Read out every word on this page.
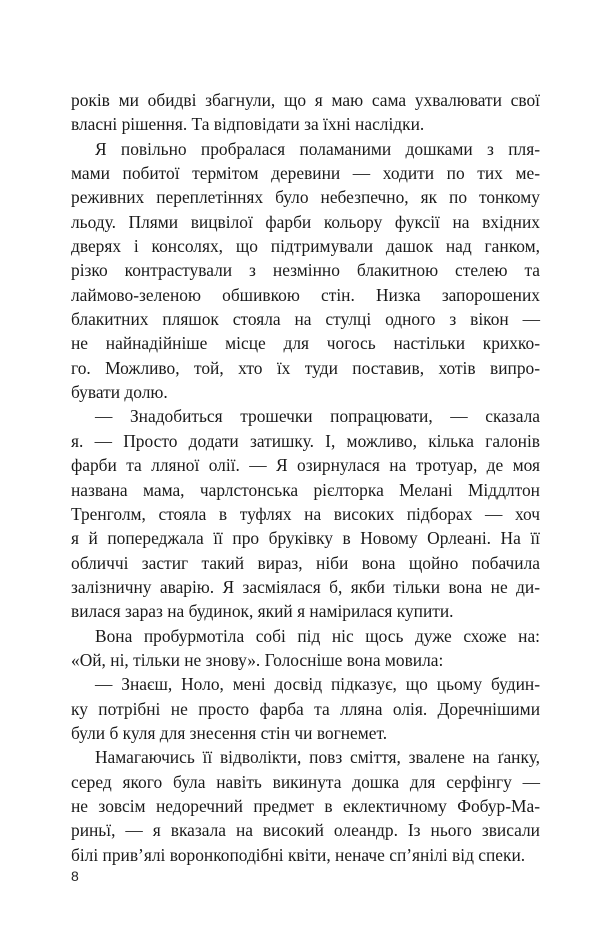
років ми обидві збагнули, що я маю сама ухвалювати свої
власні рішення. Та відповідати за їхні наслідки.
Я повільно пробралася поламаними дошками з пля-
мами побитої термітом деревини — ходити по тих ме-
реживних переплетіннях було небезпечно, як по тонкому
льоду. Плями вицвілої фарби кольору фуксії на вхідних
дверях і консолях, що підтримували дашок над ганком,
різко контрастували з незмінно блакитною стелею та
лаймово-зеленою обшивкою стін. Низка запорошених
блакитних пляшок стояла на стулці одного з вікон —
не найнадійніше місце для чогось настільки крихко-
го. Можливо, той, хто їх туди поставив, хотів випро-
бувати долю.
— Знадобиться трошечки попрацювати, — сказала
я. — Просто додати затишку. І, можливо, кілька галонів
фарби та лляної олії. — Я озирнулася на тротуар, де моя
названа мама, чарлстонська рієлторка Мелані Міддлтон
Тренголм, стояла в туфлях на високих підборах — хоч
я й попереджала її про бруківку в Новому Орлеані. На її
обличчі застиг такий вираз, ніби вона щойно побачила
залізничну аварію. Я засміялася б, якби тільки вона не ди-
вилася зараз на будинок, який я намірилася купити.
Вона пробурмотіла собі під ніс щось дуже схоже на:
«Ой, ні, тільки не знову». Голосніше вона мовила:
— Знаєш, Ноло, мені досвід підказує, що цьому будин-
ку потрібні не просто фарба та лляна олія. Доречнішими
були б куля для знесення стін чи вогнемет.
Намагаючись її відволікти, повз сміття, звалене на ґанку,
серед якого була навіть викинута дошка для серфінгу —
не зовсім недоречний предмет в еклектичному Фобур-Ма-
риньї, — я вказала на високий олеандр. Із нього звисали
білі прив’ялі воронкоподібні квіти, неначе сп’янілі від спеки.
8
